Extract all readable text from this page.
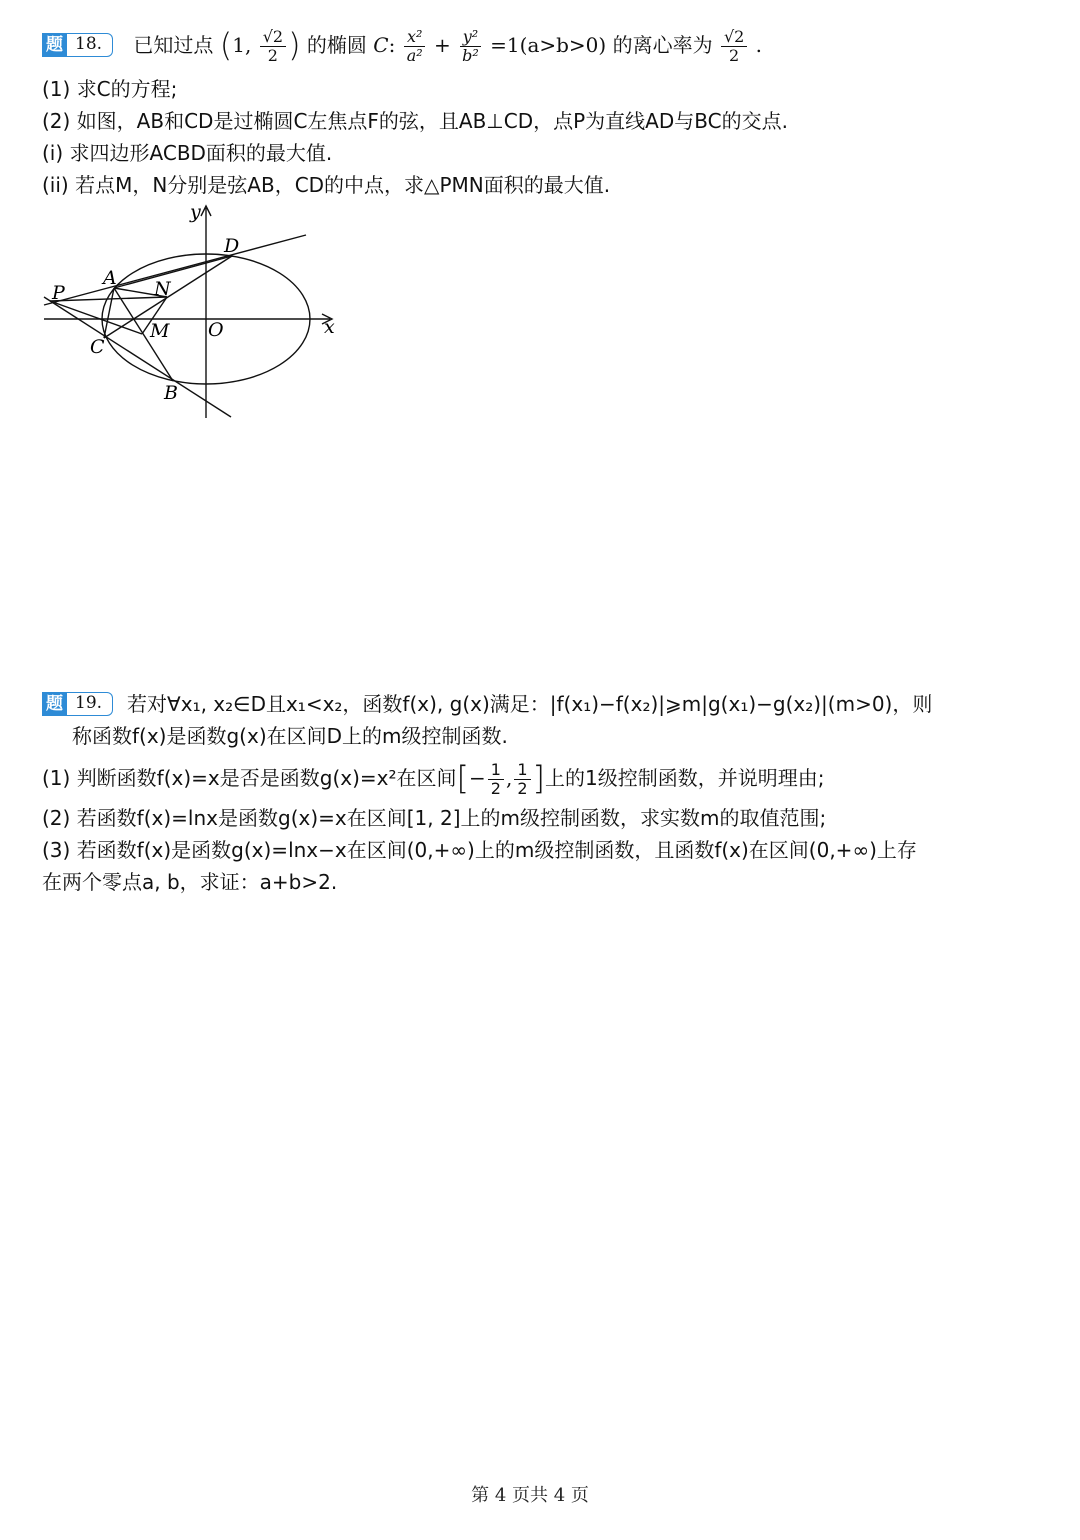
题 18.	已知过点 (1, $\frac{√2}{2}$ ) 的椭圆 C: $\frac{\text{x²}}{\text{a²}} + \frac{\text{y²}}{\text{b²}} =1(a>b>0)$ 的离心率为 $\frac{√2}{2}$ .
(1) 求C的方程;
(2) 如图，AB和CD是过椭圆C左焦点F的弦，且AB⊥CD，点P为直线AD与BC的交点.
(i) 求四边形ACBD面积的最大值.
(ii) 若点M，N分别是弦AB，CD的中点，求△PMN面积的最大值.
y
x
O
D
A N
P
M
C
B
题 19.	若对∀x₁, x₂∈D且x₁<x₂，函数f(x), g(x)满足：|f(x₁)−f(x₂)|⩾m|g(x₁)−g(x₂)|(m>0)，则
称函数f(x)是函数g(x)在区间D上的m级控制函数.
(1) 判断函数f(x)=x是否是函数g(x)=x²在区间[− $\frac{1}{2}$ , $\frac{1}{2}$ ]上的1级控制函数，并说明理由;
(2) 若函数f(x)=lnx是函数g(x)=x在区间[1, 2]上的m级控制函数，求实数m的取值范围;
(3) 若函数f(x)是函数g(x)=lnx−x在区间(0,+∞)上的m级控制函数，且函数f(x)在区间(0,+∞)上存
在两个零点a, b，求证：a+b>2.
第 4 页共 4 页
